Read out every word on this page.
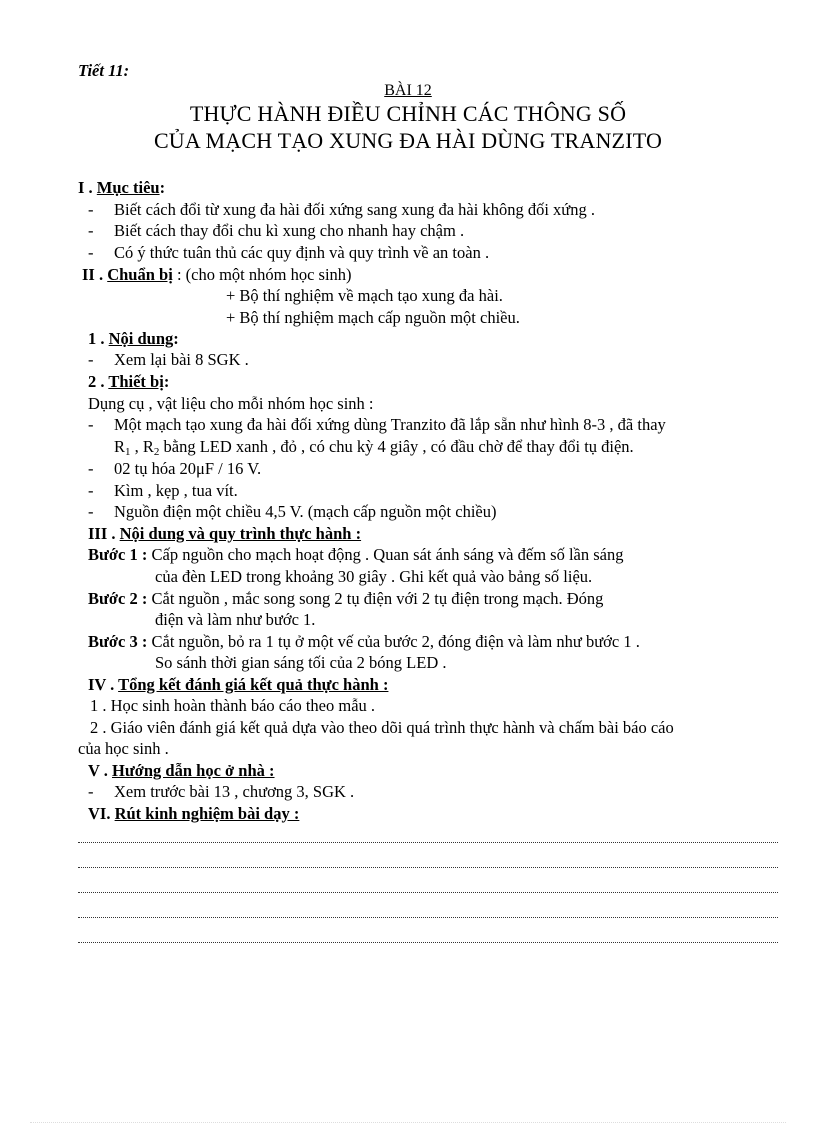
Tiết 11:
BÀI 12
THỰC HÀNH ĐIỀU CHỈNH CÁC THÔNG SỐ
CỦA MẠCH TẠO XUNG ĐA HÀI DÙNG TRANZITO
I . Mục tiêu:
-	Biết cách đổi từ xung đa hài đối xứng sang xung đa hài không đối xứng .
-	Biết cách thay đổi chu kì xung cho nhanh hay chậm .
-	Có ý thức tuân thủ các quy định và quy trình về an toàn .
II . Chuẩn bị : (cho một nhóm học sinh)
+ Bộ thí nghiệm về mạch tạo xung đa hài.
+ Bộ thí nghiệm mạch cấp nguồn một chiều.
1 . Nội dung:
-	Xem lại bài 8 SGK .
2 . Thiết bị:
Dụng cụ , vật liệu cho mỗi nhóm học sinh :
-	Một mạch tạo xung đa hài đối xứng dùng Tranzito đã lắp sẵn như hình 8-3 , đã thay
$R_1$ , $R_2$ bằng LED xanh , đỏ , có chu kỳ 4 giây , có đầu chờ để thay đổi tụ điện.
-	02 tụ hóa 20μF / 16 V.
-	Kìm , kẹp , tua vít.
-	Nguồn điện một chiều 4,5 V. (mạch cấp nguồn một chiều)
III . Nội dung và quy trình thực hành :
Bước 1 : Cấp nguồn cho mạch hoạt động . Quan sát ánh sáng và đếm số lần sáng
của đèn LED trong khoảng 30 giây . Ghi kết quả vào bảng số liệu.
Bước 2 : Cắt nguồn , mắc song song 2 tụ điện với 2 tụ điện trong mạch. Đóng
điện và làm như bước 1.
Bước 3 : Cắt nguồn, bỏ ra 1 tụ ở một vế của bước 2, đóng điện và làm như bước 1 .
So sánh thời gian sáng tối của 2 bóng LED .
IV . Tổng kết đánh giá kết quả thực hành :
1 . Học sinh hoàn thành báo cáo theo mẫu .
2 . Giáo viên đánh giá kết quả dựa vào theo dõi quá trình thực hành và chấm bài báo cáo
của học sinh .
V . Hướng dẫn học ở nhà :
-	Xem trước bài 13 , chương 3, SGK .
VI. Rút kinh nghiệm bài dạy :
